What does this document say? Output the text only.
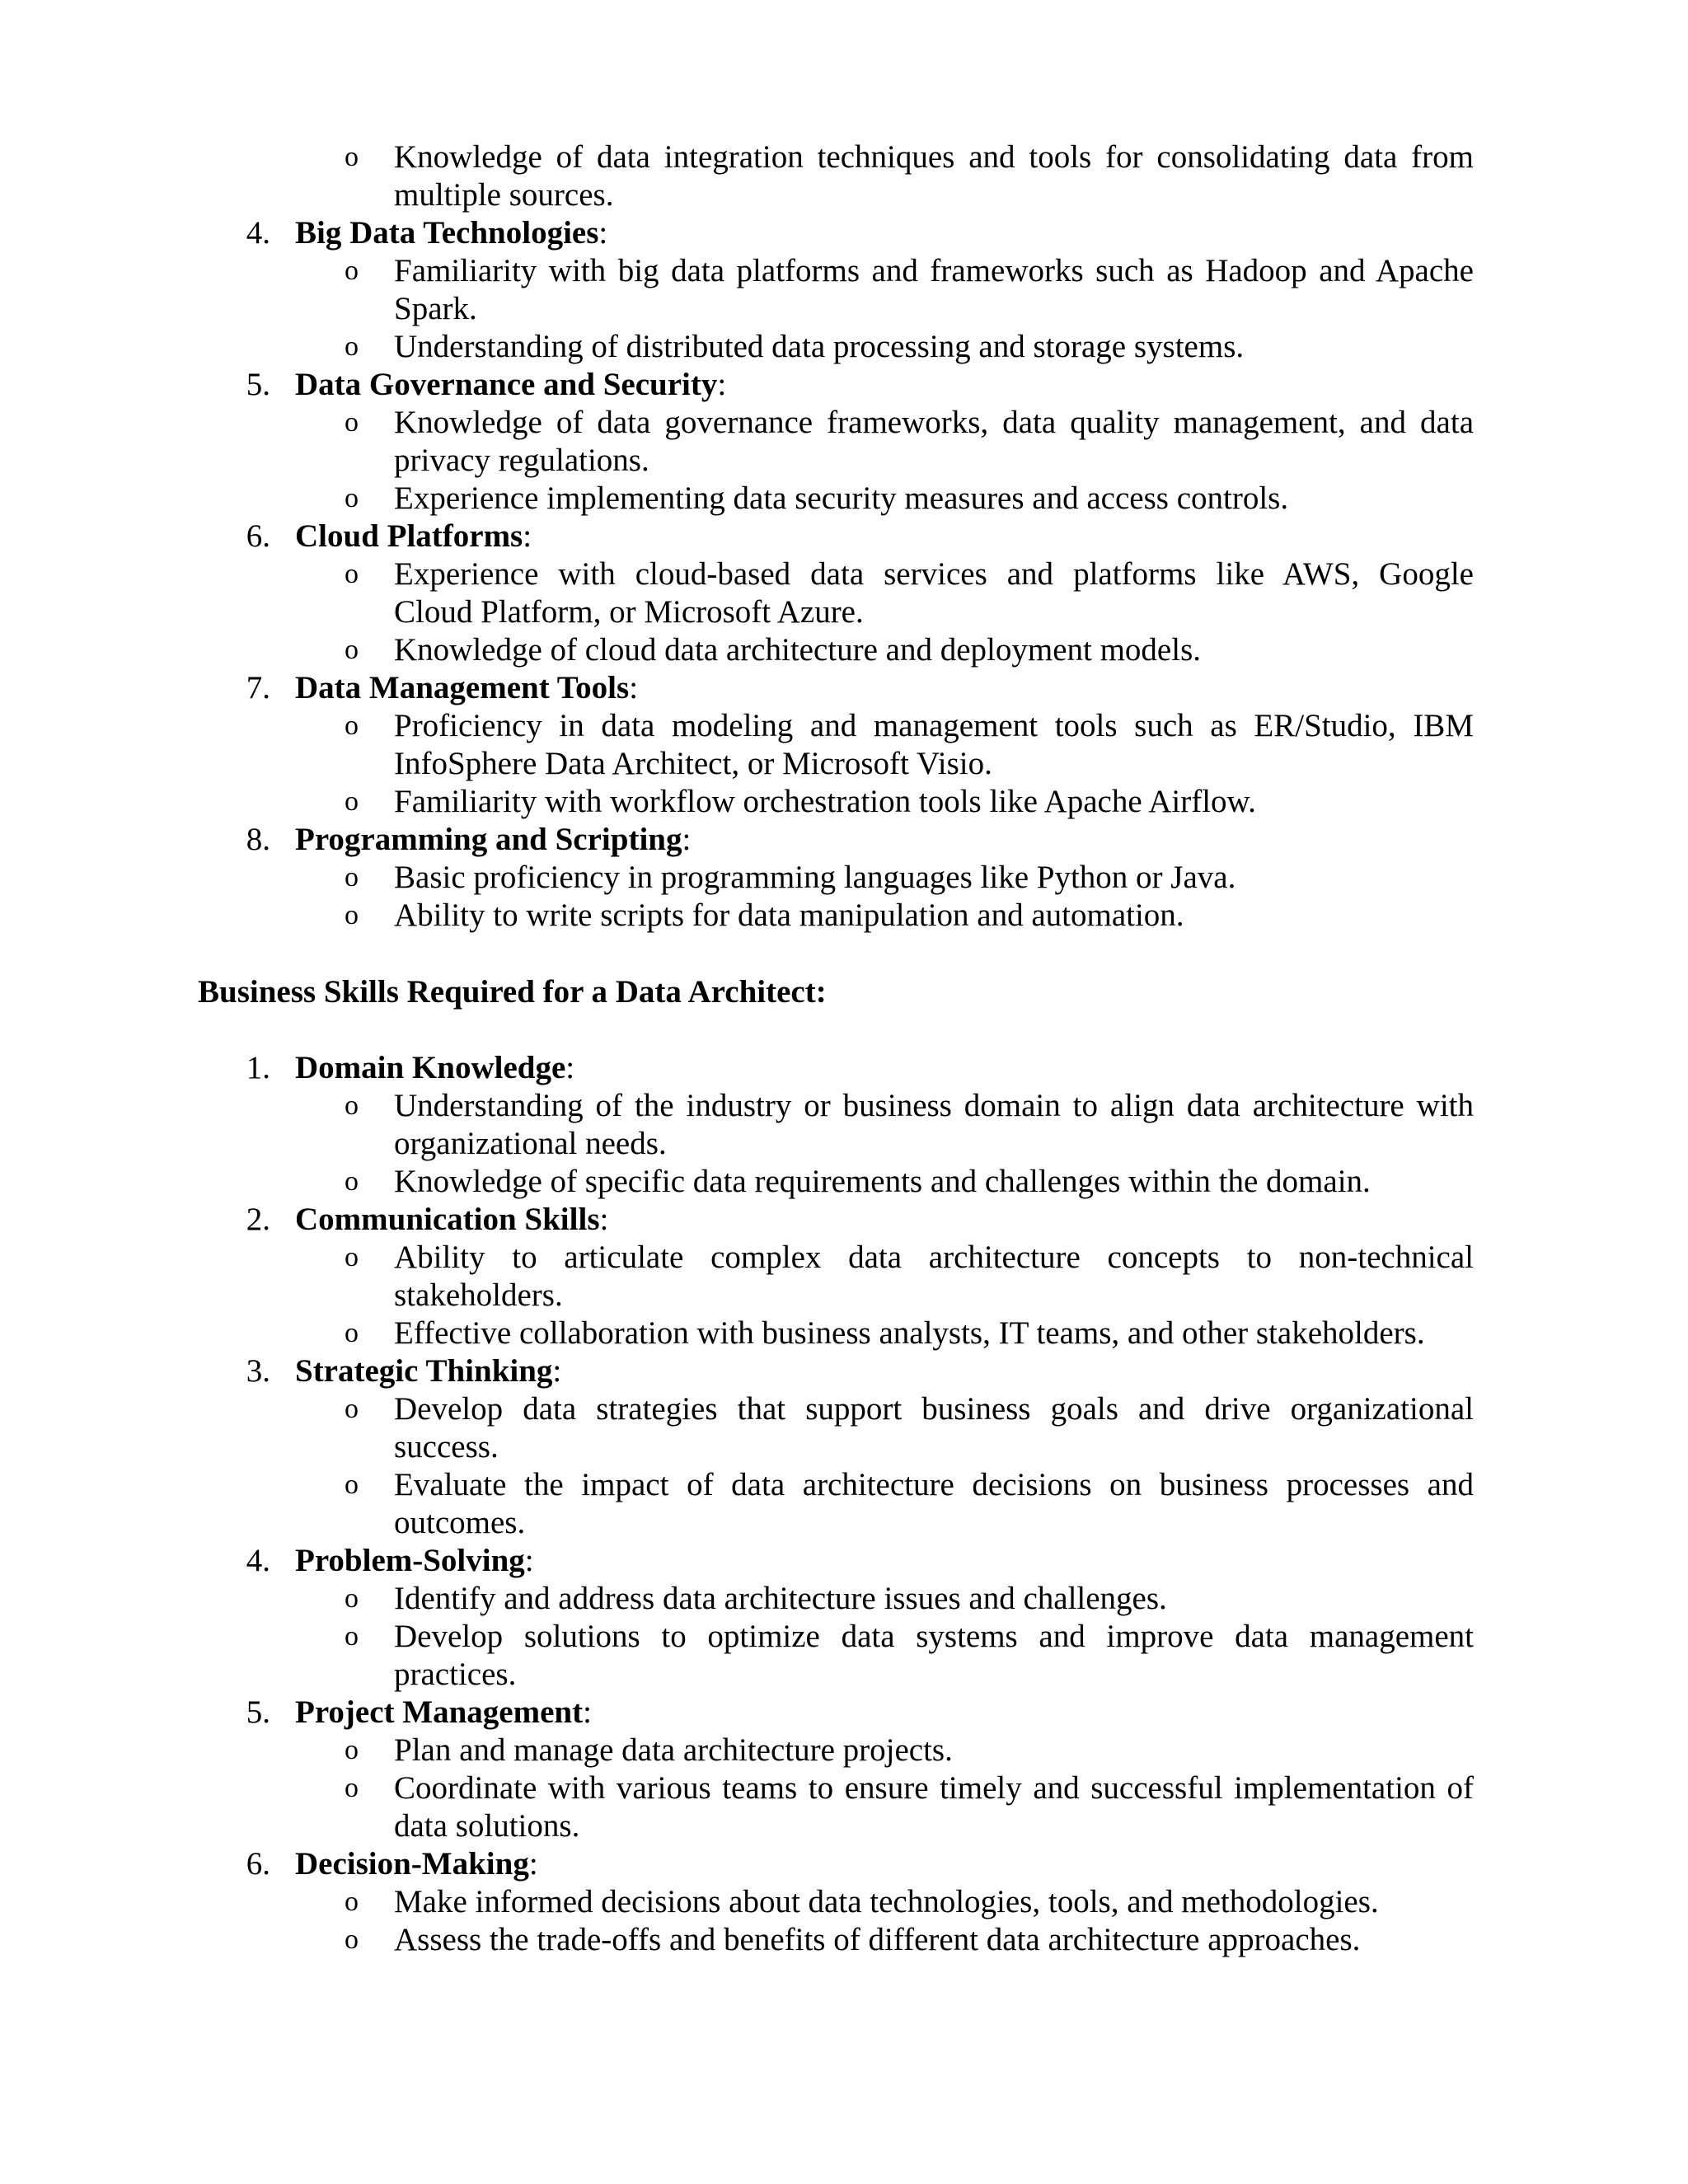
o Knowledge of data integration techniques and tools for consolidating data from
multiple sources.
4. Big Data Technologies:
o Familiarity with big data platforms and frameworks such as Hadoop and Apache
Spark.
o Understanding of distributed data processing and storage systems.
5. Data Governance and Security:
o Knowledge of data governance frameworks, data quality management, and data
privacy regulations.
o Experience implementing data security measures and access controls.
6. Cloud Platforms:
o Experience with cloud-based data services and platforms like AWS, Google
Cloud Platform, or Microsoft Azure.
o Knowledge of cloud data architecture and deployment models.
7. Data Management Tools:
o Proficiency in data modeling and management tools such as ER/Studio, IBM
InfoSphere Data Architect, or Microsoft Visio.
o Familiarity with workflow orchestration tools like Apache Airflow.
8. Programming and Scripting:
o Basic proficiency in programming languages like Python or Java.
o Ability to write scripts for data manipulation and automation.
Business Skills Required for a Data Architect:
1. Domain Knowledge:
o Understanding of the industry or business domain to align data architecture with
organizational needs.
o Knowledge of specific data requirements and challenges within the domain.
2. Communication Skills:
o Ability to articulate complex data architecture concepts to non-technical
stakeholders.
o Effective collaboration with business analysts, IT teams, and other stakeholders.
3. Strategic Thinking:
o Develop data strategies that support business goals and drive organizational
success.
o Evaluate the impact of data architecture decisions on business processes and
outcomes.
4. Problem-Solving:
o Identify and address data architecture issues and challenges.
o Develop solutions to optimize data systems and improve data management
practices.
5. Project Management:
o Plan and manage data architecture projects.
o Coordinate with various teams to ensure timely and successful implementation of
data solutions.
6. Decision-Making:
o Make informed decisions about data technologies, tools, and methodologies.
o Assess the trade-offs and benefits of different data architecture approaches.
